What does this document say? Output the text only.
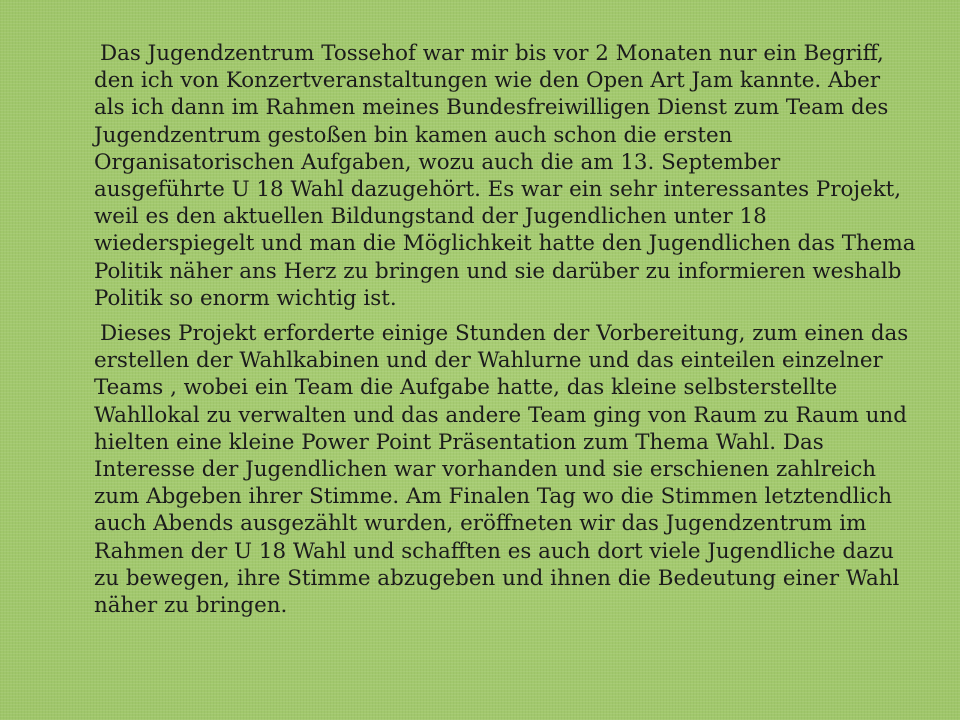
Das Jugendzentrum Tossehof war mir bis vor 2 Monaten nur ein Begriff, den ich von Konzertveranstaltungen wie den Open Art Jam kannte. Aber als ich dann im Rahmen meines Bundesfreiwilligen Dienst zum Team des Jugendzentrum gestoßen bin kamen auch schon die ersten Organisatorischen Aufgaben, wozu auch die am 13. September ausgeführte U 18 Wahl dazugehört. Es war ein sehr interessantes Projekt, weil es den aktuellen Bildungstand der Jugendlichen unter 18 wiederspiegelt und man die Möglichkeit hatte den Jugendlichen das Thema Politik näher ans Herz zu bringen und sie darüber zu informieren weshalb Politik so enorm wichtig ist.

Dieses Projekt erforderte einige Stunden der Vorbereitung, zum einen das erstellen der Wahlkabinen und der Wahlurne und das einteilen einzelner Teams , wobei ein Team die Aufgabe hatte, das kleine selbsterstellte Wahllokal zu verwalten und das andere Team ging von Raum zu Raum und hielten eine kleine Power Point Präsentation zum Thema Wahl. Das Interesse der Jugendlichen war vorhanden und sie erschienen zahlreich zum Abgeben ihrer Stimme. Am Finalen Tag wo die Stimmen letztendlich auch Abends ausgezählt wurden, eröffneten wir das Jugendzentrum im Rahmen der U 18 Wahl und schafften es auch dort viele Jugendliche dazu zu bewegen, ihre Stimme abzugeben und ihnen die Bedeutung einer Wahl näher zu bringen.
